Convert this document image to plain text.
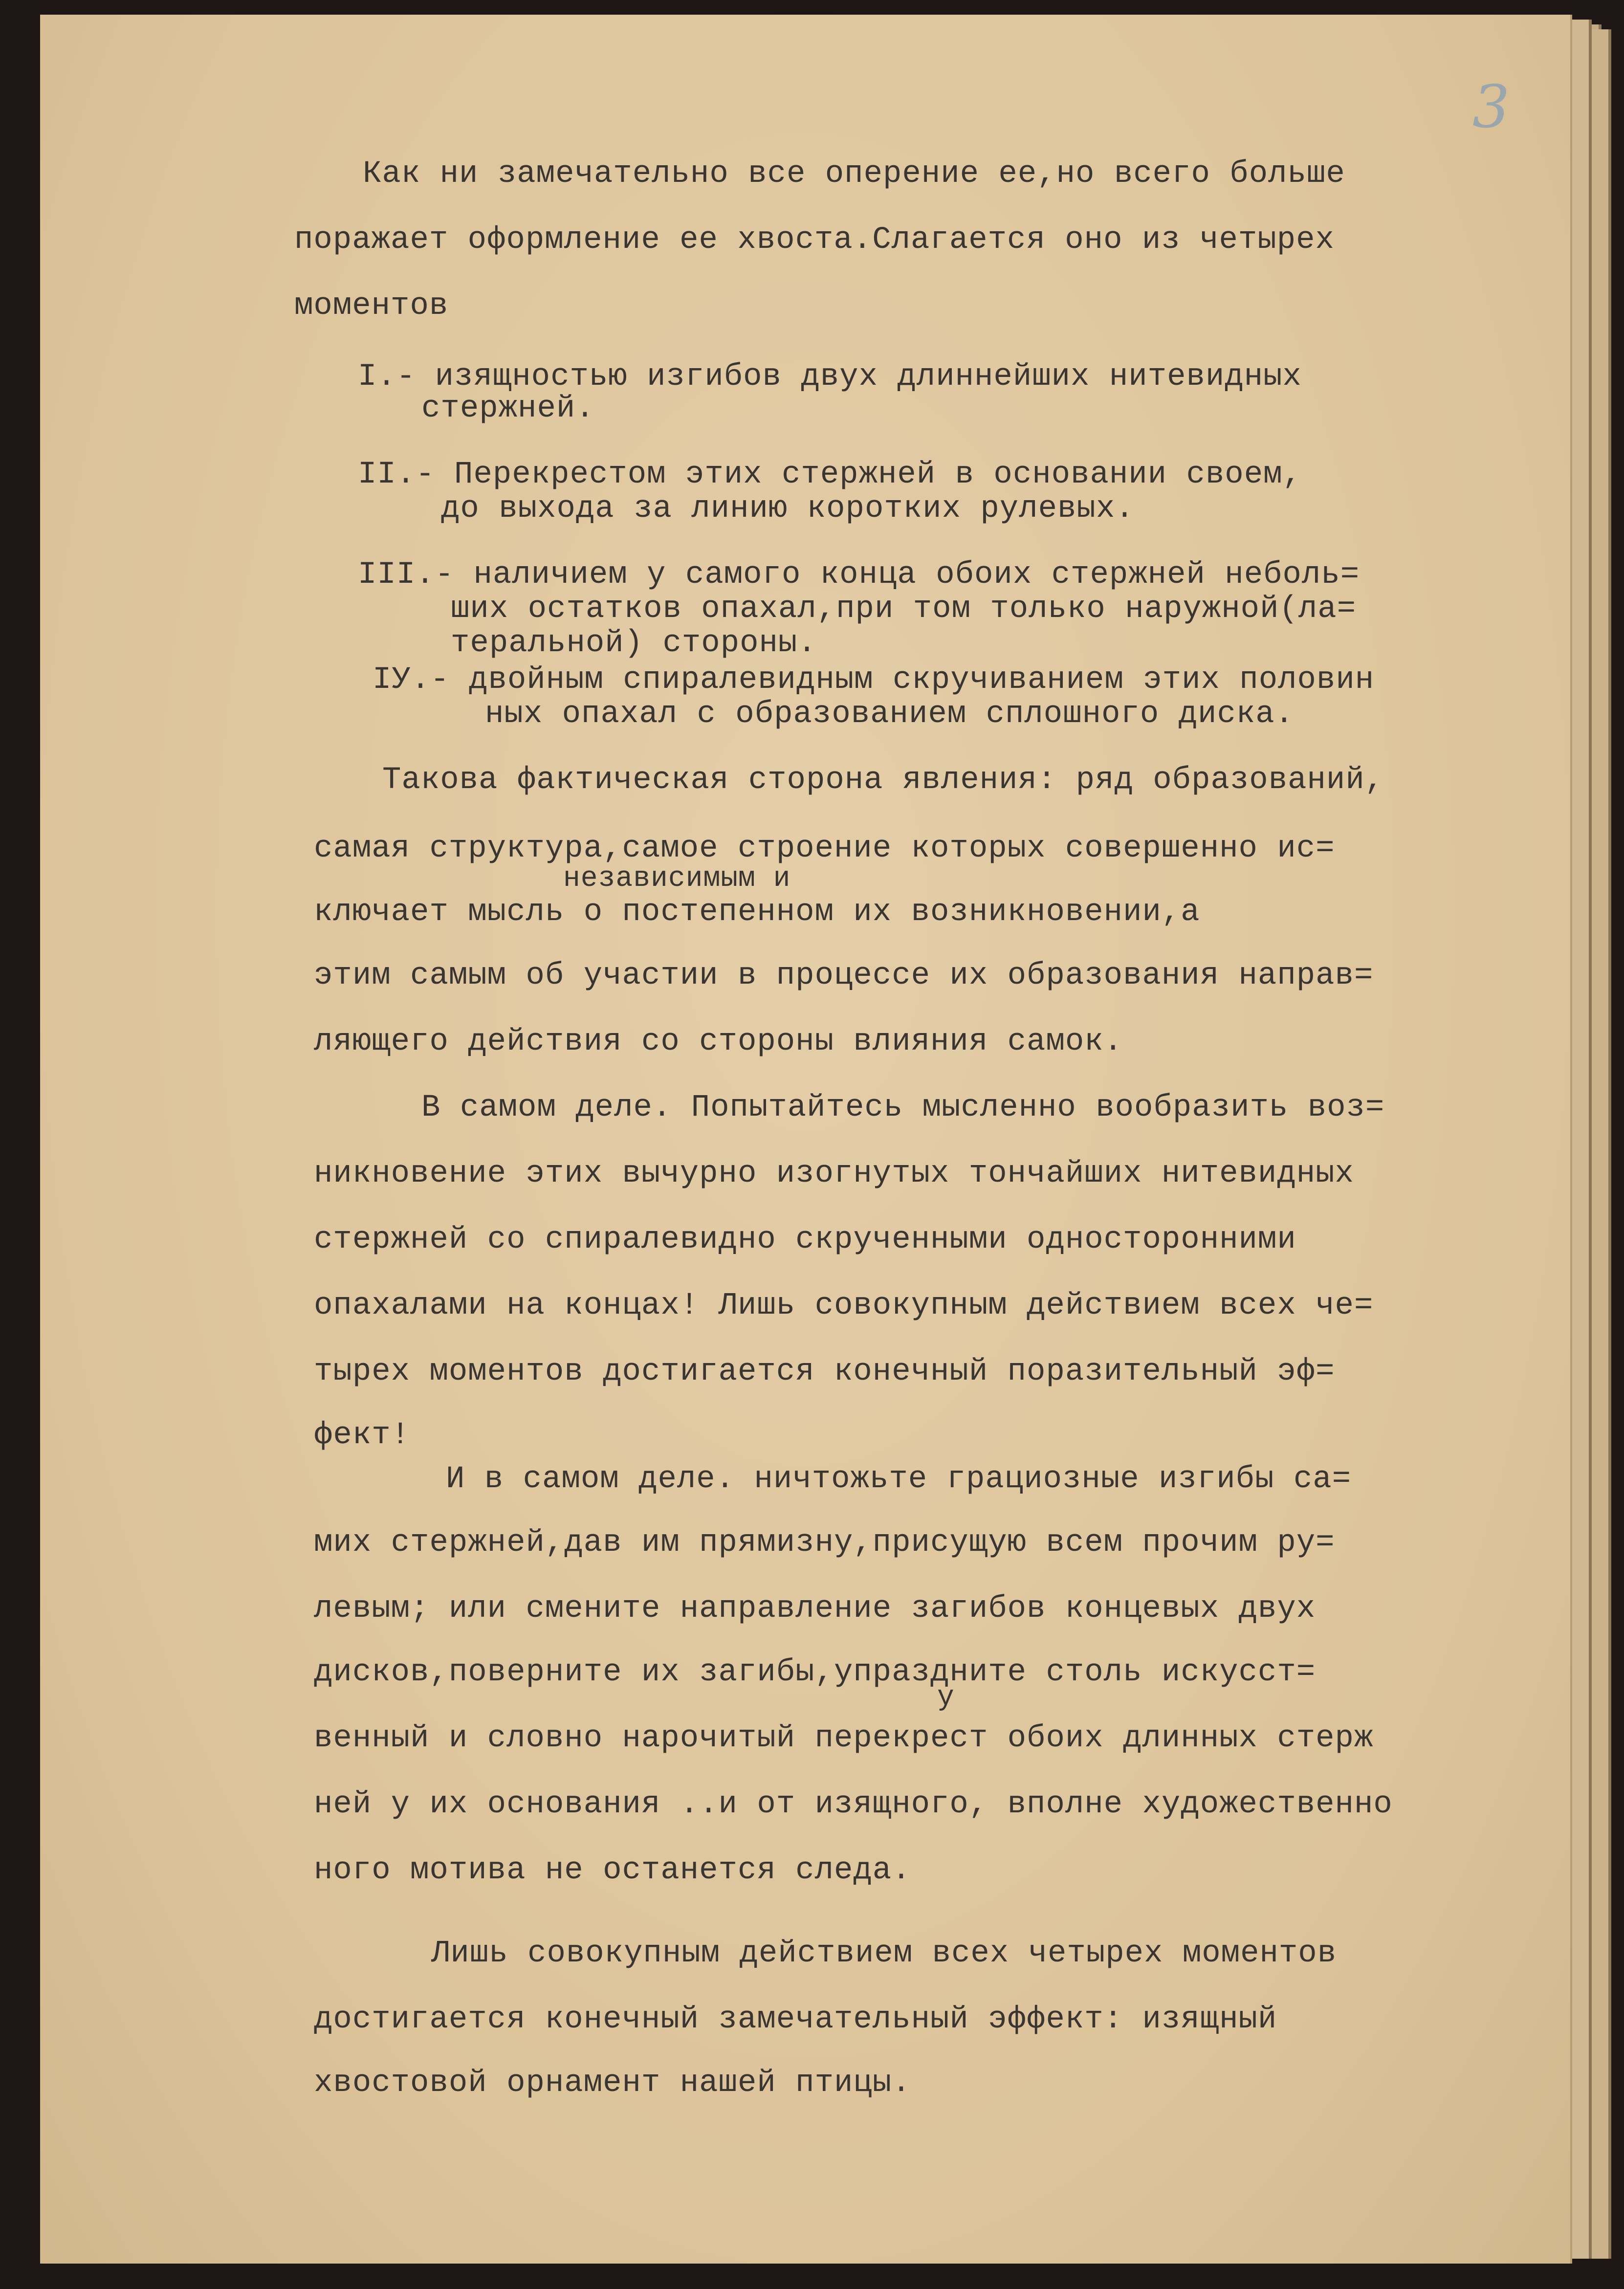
3

Как ни замечательно все оперение ее,но всего больше

поражает оформление ее хвоста.Слагается оно из четырех

моментов

I.- изящностью изгибов двух длиннейших нитевидных

стержней.

II.- Перекрестом этих стержней в основании своем,

до выхода за линию коротких рулевых.

III.- наличием у самого конца обоих стержней неболь=

ших остатков опахал,при том только наружной(ла=

теральной) стороны.

IУ.- двойным спиралевидным скручиванием этих половин

ных опахал с образованием сплошного диска.

Такова фактическая сторона явления: ряд образований,

самая структура,самое строение которых совершенно ис=

независимым и

ключает мысль о постепенном их возникновении,а

этим самым об участии в процессе их образования направ=

ляющего действия со стороны влияния самок.

В самом деле. Попытайтесь мысленно вообразить воз=

никновение этих вычурно изогнутых тончайших нитевидных

стержней со спиралевидно скрученными односторонними

опахалами на концах! Лишь совокупным действием всех че=

тырех моментов достигается конечный поразительный эф=

фект!

И в самом деле. ничтожьте грациозные изгибы са=

мих стержней,дав им прямизну,присущую всем прочим ру=

левым; или смените направление загибов концевых двух

у

дисков,поверните их загибы,упраздните столь искусст=

венный и словно нарочитый перекрест обоих длинных стерж

ней у их основания ..и от изящного, вполне художественно

ного мотива не останется следа.

Лишь совокупным действием всех четырех моментов

достигается конечный замечательный эффект: изящный

хвостовой орнамент нашей птицы.
